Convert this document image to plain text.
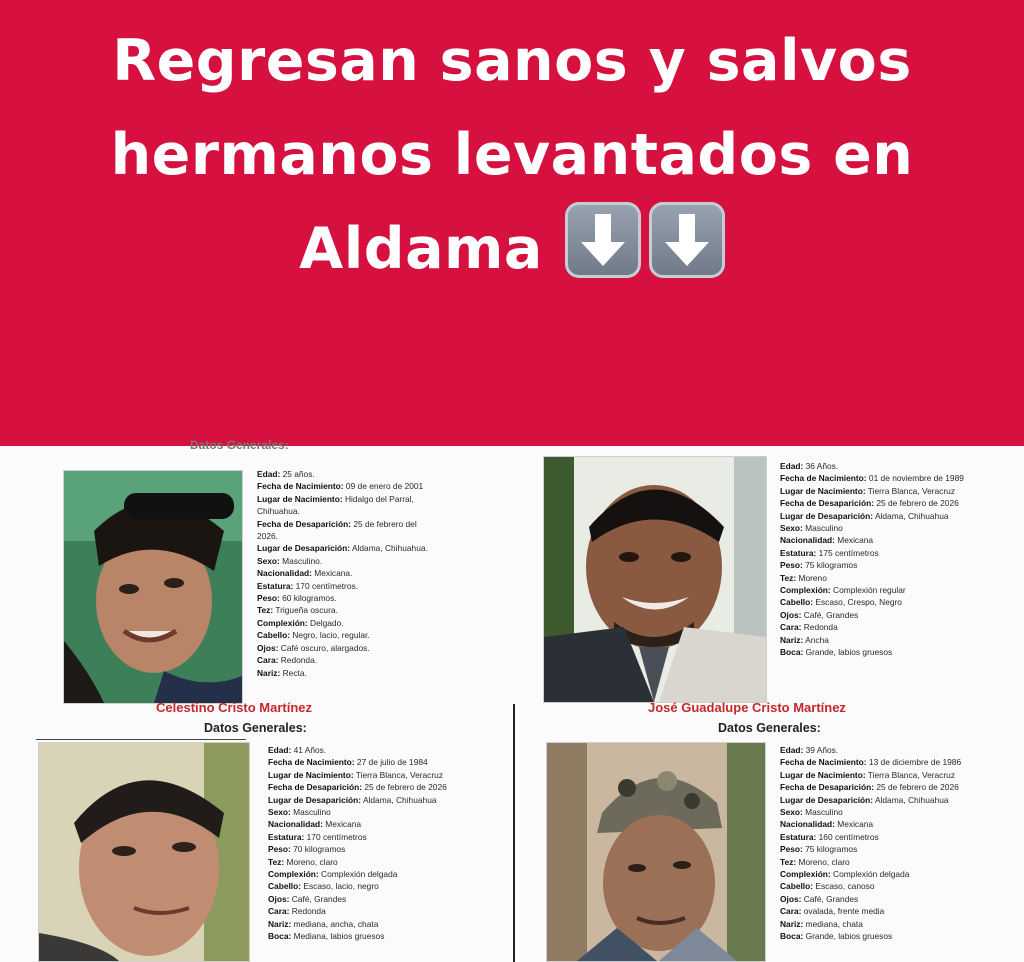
Regresan sanos y salvos
hermanos levantados en
Aldama
Datos Generales:
Edad: 25 años.
Fecha de Nacimiento: 09 de enero de 2001
Lugar de Nacimiento: Hidalgo del Parral,
Chihuahua.
Fecha de Desaparición: 25 de febrero del
2026.
Lugar de Desaparición: Aldama, Chihuahua.
Sexo: Masculino.
Nacionalidad: Mexicana.
Estatura: 170 centímetros.
Peso: 60 kilogramos.
Tez: Trigueña oscura.
Complexión: Delgado.
Cabello: Negro, lacio, regular.
Ojos: Café oscuro, alargados.
Cara: Redonda.
Nariz: Recta.
Edad: 36 Años.
Fecha de Nacimiento: 01 de noviembre de 1989
Lugar de Nacimiento: Tierra Blanca, Veracruz
Fecha de Desaparición: 25 de febrero de 2026
Lugar de Desaparición: Aldama, Chihuahua
Sexo: Masculino
Nacionalidad: Mexicana
Estatura: 175 centímetros
Peso: 75 kilogramos
Tez: Moreno
Complexión: Complexión regular
Cabello: Escaso, Crespo, Negro
Ojos: Café, Grandes
Cara: Redonda
Nariz: Ancha
Boca: Grande, labios gruesos
Celestino Cristo Martínez
Datos Generales:
Edad: 41 Años.
Fecha de Nacimiento: 27 de julio de 1984
Lugar de Nacimiento: Tierra Blanca, Veracruz
Fecha de Desaparición: 25 de febrero de 2026
Lugar de Desaparición: Aldama, Chihuahua
Sexo: Masculino
Nacionalidad: Mexicana
Estatura: 170 centímetros
Peso: 70 kilogramos
Tez: Moreno, claro
Complexión: Complexión delgada
Cabello: Escaso, lacio, negro
Ojos: Café, Grandes
Cara: Redonda
Nariz: mediana, ancha, chata
Boca: Mediana, labios gruesos
José Guadalupe Cristo Martínez
Datos Generales:
Edad: 39 Años.
Fecha de Nacimiento: 13 de diciembre de 1986
Lugar de Nacimiento: Tierra Blanca, Veracruz
Fecha de Desaparición: 25 de febrero de 2026
Lugar de Desaparición: Aldama, Chihuahua
Sexo: Masculino
Nacionalidad: Mexicana
Estatura: 160 centímetros
Peso: 75 kilogramos
Tez: Moreno, claro
Complexión: Complexión delgada
Cabello: Escaso, canoso
Ojos: Café, Grandes
Cara: ovalada, frente media
Nariz: mediana, chata
Boca: Grande, labios gruesos
